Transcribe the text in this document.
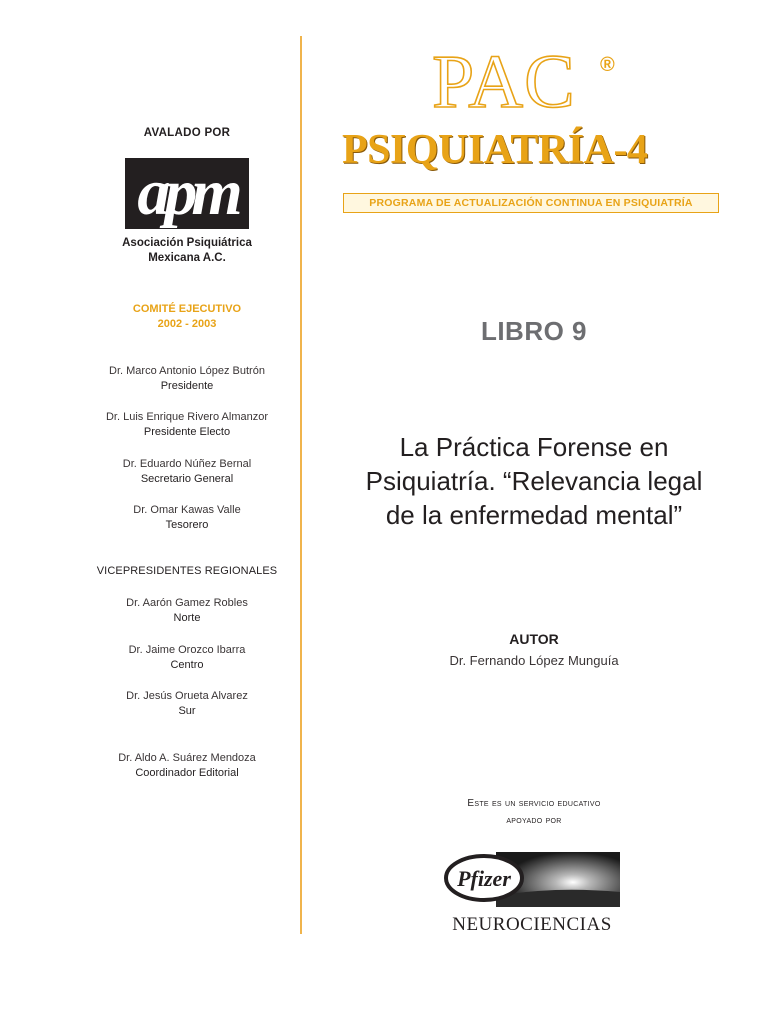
AVALADO POR
apm
Asociación Psiquiátrica
Mexicana A.C.
COMITÉ EJECUTIVO
2002 - 2003
Dr. Marco Antonio López Butrón
Presidente
Dr. Luis Enrique Rivero Almanzor
Presidente Electo
Dr. Eduardo Núñez Bernal
Secretario General
Dr. Omar Kawas Valle
Tesorero
VICEPRESIDENTES REGIONALES
Dr. Aarón Gamez Robles
Norte
Dr. Jaime Orozco Ibarra
Centro
Dr. Jesús Orueta Alvarez
Sur
Dr. Aldo A. Suárez Mendoza
Coordinador Editorial
PAC ®
PSIQUIATRÍA-4
PROGRAMA DE ACTUALIZACIÓN CONTINUA EN PSIQUIATRÍA
LIBRO 9
La Práctica Forense en
Psiquiatría. “Relevancia legal
de la enfermedad mental”
AUTOR
Dr. Fernando López Munguía
Este es un servicio educativo
apoyado por
Pfizer
NEUROCIENCIAS
